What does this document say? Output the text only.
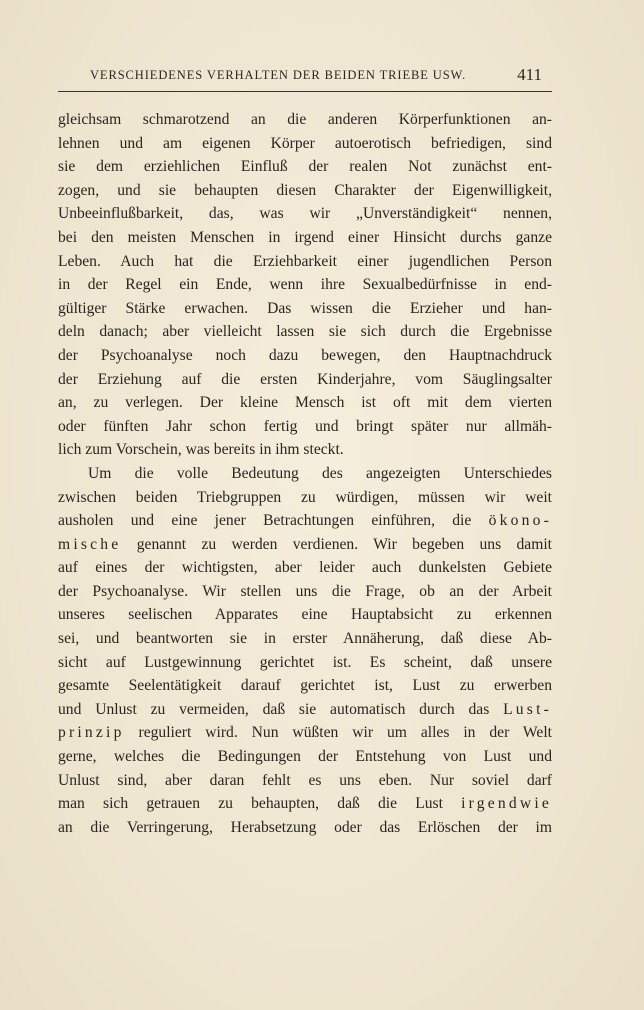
VERSCHIEDENES VERHALTEN DER BEIDEN TRIEBE USW.	411
gleichsam schmarotzend an die anderen Körperfunktionen an-
lehnen und am eigenen Körper autoerotisch befriedigen, sind
sie dem erziehlichen Einfluß der realen Not zunächst ent-
zogen, und sie behaupten diesen Charakter der Eigenwilligkeit,
Unbeeinflußbarkeit, das, was wir „Unverständigkeit“ nennen,
bei den meisten Menschen in irgend einer Hinsicht durchs ganze
Leben. Auch hat die Erziehbarkeit einer jugendlichen Person
in der Regel ein Ende, wenn ihre Sexualbedürfnisse in end-
gültiger Stärke erwachen. Das wissen die Erzieher und han-
deln danach; aber vielleicht lassen sie sich durch die Ergebnisse
der Psychoanalyse noch dazu bewegen, den Hauptnachdruck
der Erziehung auf die ersten Kinderjahre, vom Säuglingsalter
an, zu verlegen. Der kleine Mensch ist oft mit dem vierten
oder fünften Jahr schon fertig und bringt später nur allmäh-
lich zum Vorschein, was bereits in ihm steckt.
Um die volle Bedeutung des angezeigten Unterschiedes
zwischen beiden Triebgruppen zu würdigen, müssen wir weit
ausholen und eine jener Betrachtungen einführen, die ökono-
mische genannt zu werden verdienen. Wir begeben uns damit
auf eines der wichtigsten, aber leider auch dunkelsten Gebiete
der Psychoanalyse. Wir stellen uns die Frage, ob an der Arbeit
unseres seelischen Apparates eine Hauptabsicht zu erkennen
sei, und beantworten sie in erster Annäherung, daß diese Ab-
sicht auf Lustgewinnung gerichtet ist. Es scheint, daß unsere
gesamte Seelentätigkeit darauf gerichtet ist, Lust zu erwerben
und Unlust zu vermeiden, daß sie automatisch durch das Lust-
prinzip reguliert wird. Nun wüßten wir um alles in der Welt
gerne, welches die Bedingungen der Entstehung von Lust und
Unlust sind, aber daran fehlt es uns eben. Nur soviel darf
man sich getrauen zu behaupten, daß die Lust irgendwie
an die Verringerung, Herabsetzung oder das Erlöschen der im
